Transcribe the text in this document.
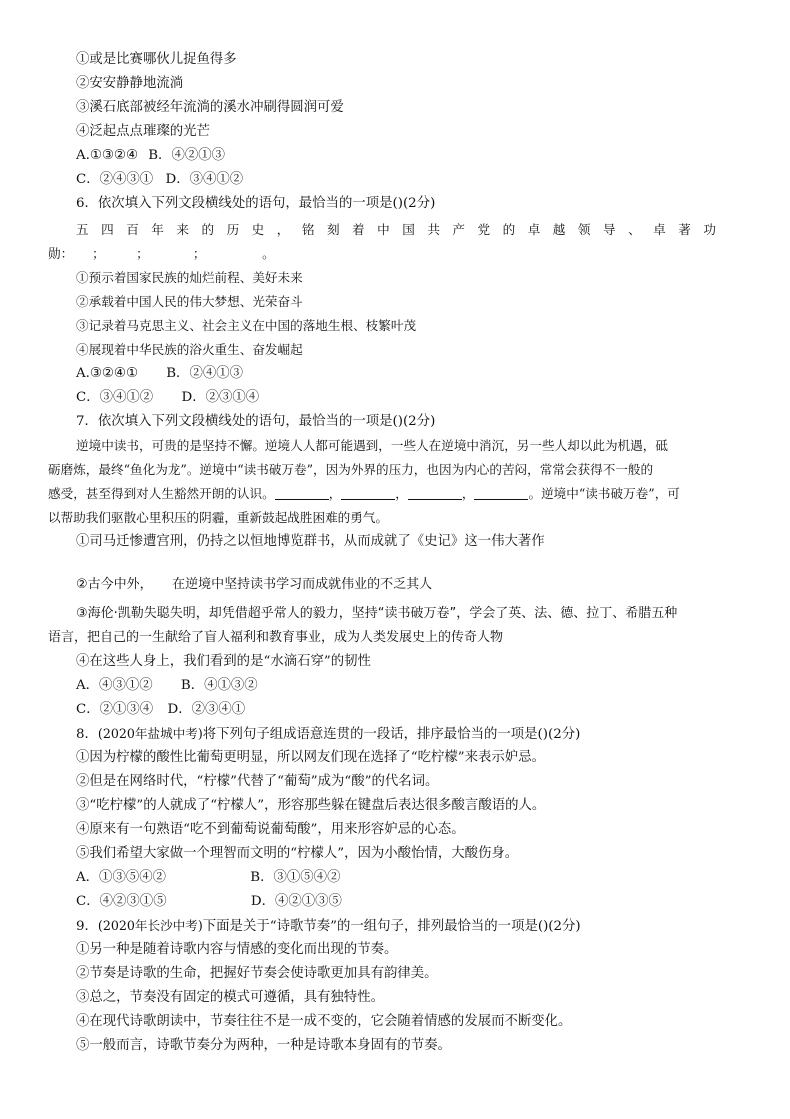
①或是比赛哪伙儿捉鱼得多
②安安静静地流淌
③溪石底部被经年流淌的溪水冲刷得圆润可爱
④泛起点点璀璨的光芒
A.①③②④ B．④②①③
C．②④③① D．③④①②
6．依次填入下列文段横线处的语句，最恰当的一项是()(2分)
五 四 百 年 来 的 历 史 ， 铭 刻 着 中 国 共 产 党 的 卓 越 领 导 、 卓 著 功
勋：　　；　　　；　　　　；　　　　　。
①预示着国家民族的灿烂前程、美好未来
②承载着中国人民的伟大梦想、光荣奋斗
③记录着马克思主义、社会主义在中国的落地生根、枝繁叶茂
④展现着中华民族的浴火重生、奋发崛起
A.③②④① B．②④①③
C．③④①② D．②③①④
7．依次填入下列文段横线处的语句，最恰当的一项是()(2分)
逆境中读书，可贵的是坚持不懈。逆境人人都可能遇到，一些人在逆境中消沉，另一些人却以此为机遇，砥
砺磨炼，最终“鱼化为龙”。逆境中“读书破万卷”，因为外界的压力，也因为内心的苦闷，常常会获得不一般的
感受，甚至得到对人生豁然开朗的认识。	，	，	，	。逆境中“读书破万卷”，可
以帮助我们驱散心里积压的阴霾，重新鼓起战胜困难的勇气。
①司马迁惨遭宫刑，仍持之以恒地博览群书，从而成就了《史记》这一伟大著作
②古今中外，　　在逆境中坚持读书学习而成就伟业的不乏其人
③海伦·凯勒失聪失明，却凭借超乎常人的毅力，坚持“读书破万卷”，学会了英、法、德、拉丁、希腊五种
语言，把自己的一生献给了盲人福利和教育事业，成为人类发展史上的传奇人物
④在这些人身上，我们看到的是“水滴石穿”的韧性
A．④③①② B．④①③②
C．②①③④ D．②③④①
8．(2020年盐城中考)将下列句子组成语意连贯的一段话，排序最恰当的一项是()(2分)
①因为柠檬的酸性比葡萄更明显，所以网友们现在选择了“吃柠檬”来表示妒忌。
②但是在网络时代，“柠檬”代替了“葡萄”成为“酸”的代名词。
③“吃柠檬”的人就成了“柠檬人”，形容那些躲在键盘后表达很多酸言酸语的人。
④原来有一句熟语“吃不到葡萄说葡萄酸”，用来形容妒忌的心态。
⑤我们希望大家做一个理智而文明的“柠檬人”，因为小酸怡情，大酸伤身。
A．①③⑤④②	B．③①⑤④②
C．④②③①⑤	D．④②①③⑤
9．(2020年长沙中考)下面是关于“诗歌节奏”的一组句子，排列最恰当的一项是()(2分)
①另一种是随着诗歌内容与情感的变化而出现的节奏。
②节奏是诗歌的生命，把握好节奏会使诗歌更加具有韵律美。
③总之，节奏没有固定的模式可遵循，具有独特性。
④在现代诗歌朗读中，节奏往往不是一成不变的，它会随着情感的发展而不断变化。
⑤一般而言，诗歌节奏分为两种，一种是诗歌本身固有的节奏。
